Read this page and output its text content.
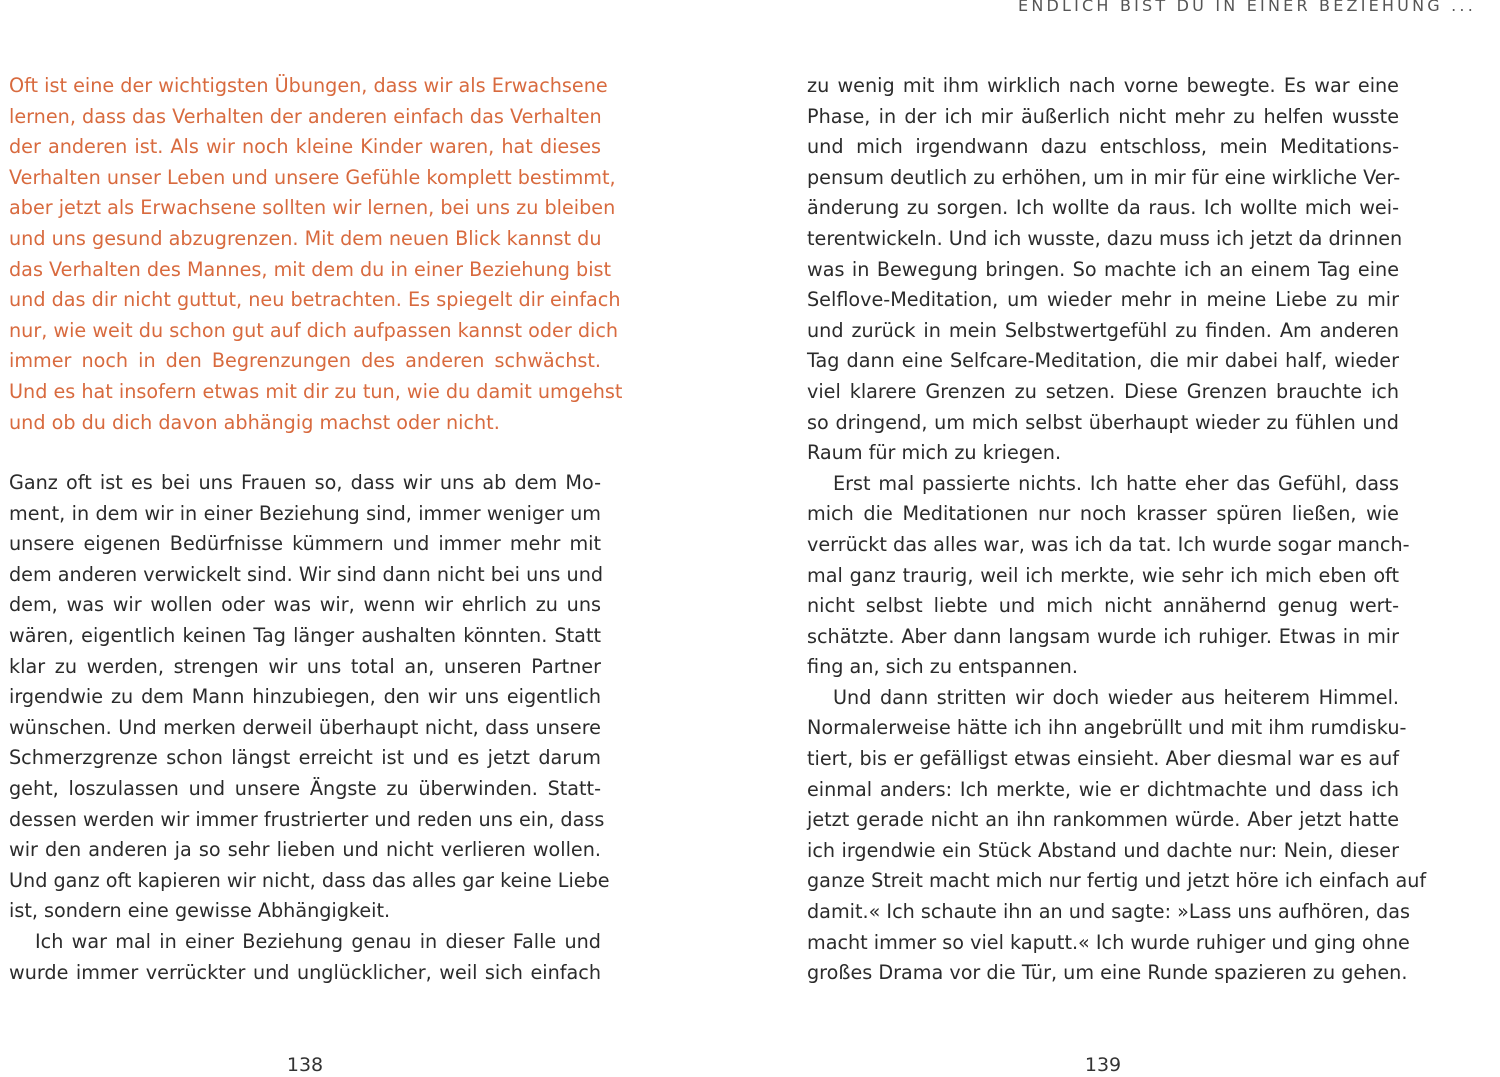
Oft ist eine der wichtigsten Übungen, dass wir als Erwachsene
lernen, dass das Verhalten der anderen einfach das Verhalten
der anderen ist. Als wir noch kleine Kinder waren, hat dieses
Verhalten unser Leben und unsere Gefühle komplett bestimmt,
aber jetzt als Erwachsene sollten wir lernen, bei uns zu bleiben
und uns gesund abzugrenzen. Mit dem neuen Blick kannst du
das Verhalten des Mannes, mit dem du in einer Beziehung bist
und das dir nicht guttut, neu betrachten. Es spiegelt dir einfach
nur, wie weit du schon gut auf dich aufpassen kannst oder dich
immer noch in den Begrenzungen des anderen schwächst.
Und es hat insofern etwas mit dir zu tun, wie du damit umgehst
und ob du dich davon abhängig machst oder nicht.
Ganz oft ist es bei uns Frauen so, dass wir uns ab dem Mo-
ment, in dem wir in einer Beziehung sind, immer weniger um
unsere eigenen Bedürfnisse kümmern und immer mehr mit
dem anderen verwickelt sind. Wir sind dann nicht bei uns und
dem, was wir wollen oder was wir, wenn wir ehrlich zu uns
wären, eigentlich keinen Tag länger aushalten könnten. Statt
klar zu werden, strengen wir uns total an, unseren Partner
irgendwie zu dem Mann hinzubiegen, den wir uns eigentlich
wünschen. Und merken derweil überhaupt nicht, dass unsere
Schmerzgrenze schon längst erreicht ist und es jetzt darum
geht, loszulassen und unsere Ängste zu überwinden. Statt-
dessen werden wir immer frustrierter und reden uns ein, dass
wir den anderen ja so sehr lieben und nicht verlieren wollen.
Und ganz oft kapieren wir nicht, dass das alles gar keine Liebe
ist, sondern eine gewisse Abhängigkeit.
Ich war mal in einer Beziehung genau in dieser Falle und
wurde immer verrückter und unglücklicher, weil sich einfach
138
ENDLICH BIST DU IN EINER BEZIEHUNG ...
zu wenig mit ihm wirklich nach vorne bewegte. Es war eine
Phase, in der ich mir äußerlich nicht mehr zu helfen wusste
und mich irgendwann dazu entschloss, mein Meditations-
pensum deutlich zu erhöhen, um in mir für eine wirkliche Ver-
änderung zu sorgen. Ich wollte da raus. Ich wollte mich wei-
terentwickeln. Und ich wusste, dazu muss ich jetzt da drinnen
was in Bewegung bringen. So machte ich an einem Tag eine
Selflove-Meditation, um wieder mehr in meine Liebe zu mir
und zurück in mein Selbstwertgefühl zu finden. Am anderen
Tag dann eine Selfcare-Meditation, die mir dabei half, wieder
viel klarere Grenzen zu setzen. Diese Grenzen brauchte ich
so dringend, um mich selbst überhaupt wieder zu fühlen und
Raum für mich zu kriegen.
Erst mal passierte nichts. Ich hatte eher das Gefühl, dass
mich die Meditationen nur noch krasser spüren ließen, wie
verrückt das alles war, was ich da tat. Ich wurde sogar manch-
mal ganz traurig, weil ich merkte, wie sehr ich mich eben oft
nicht selbst liebte und mich nicht annähernd genug wert-
schätzte. Aber dann langsam wurde ich ruhiger. Etwas in mir
fing an, sich zu entspannen.
Und dann stritten wir doch wieder aus heiterem Himmel.
Normalerweise hätte ich ihn angebrüllt und mit ihm rumdisku-
tiert, bis er gefälligst etwas einsieht. Aber diesmal war es auf
einmal anders: Ich merkte, wie er dichtmachte und dass ich
jetzt gerade nicht an ihn rankommen würde. Aber jetzt hatte
ich irgendwie ein Stück Abstand und dachte nur: Nein, dieser
ganze Streit macht mich nur fertig und jetzt höre ich einfach auf
damit.« Ich schaute ihn an und sagte: »Lass uns aufhören, das
macht immer so viel kaputt.« Ich wurde ruhiger und ging ohne
großes Drama vor die Tür, um eine Runde spazieren zu gehen.
139
